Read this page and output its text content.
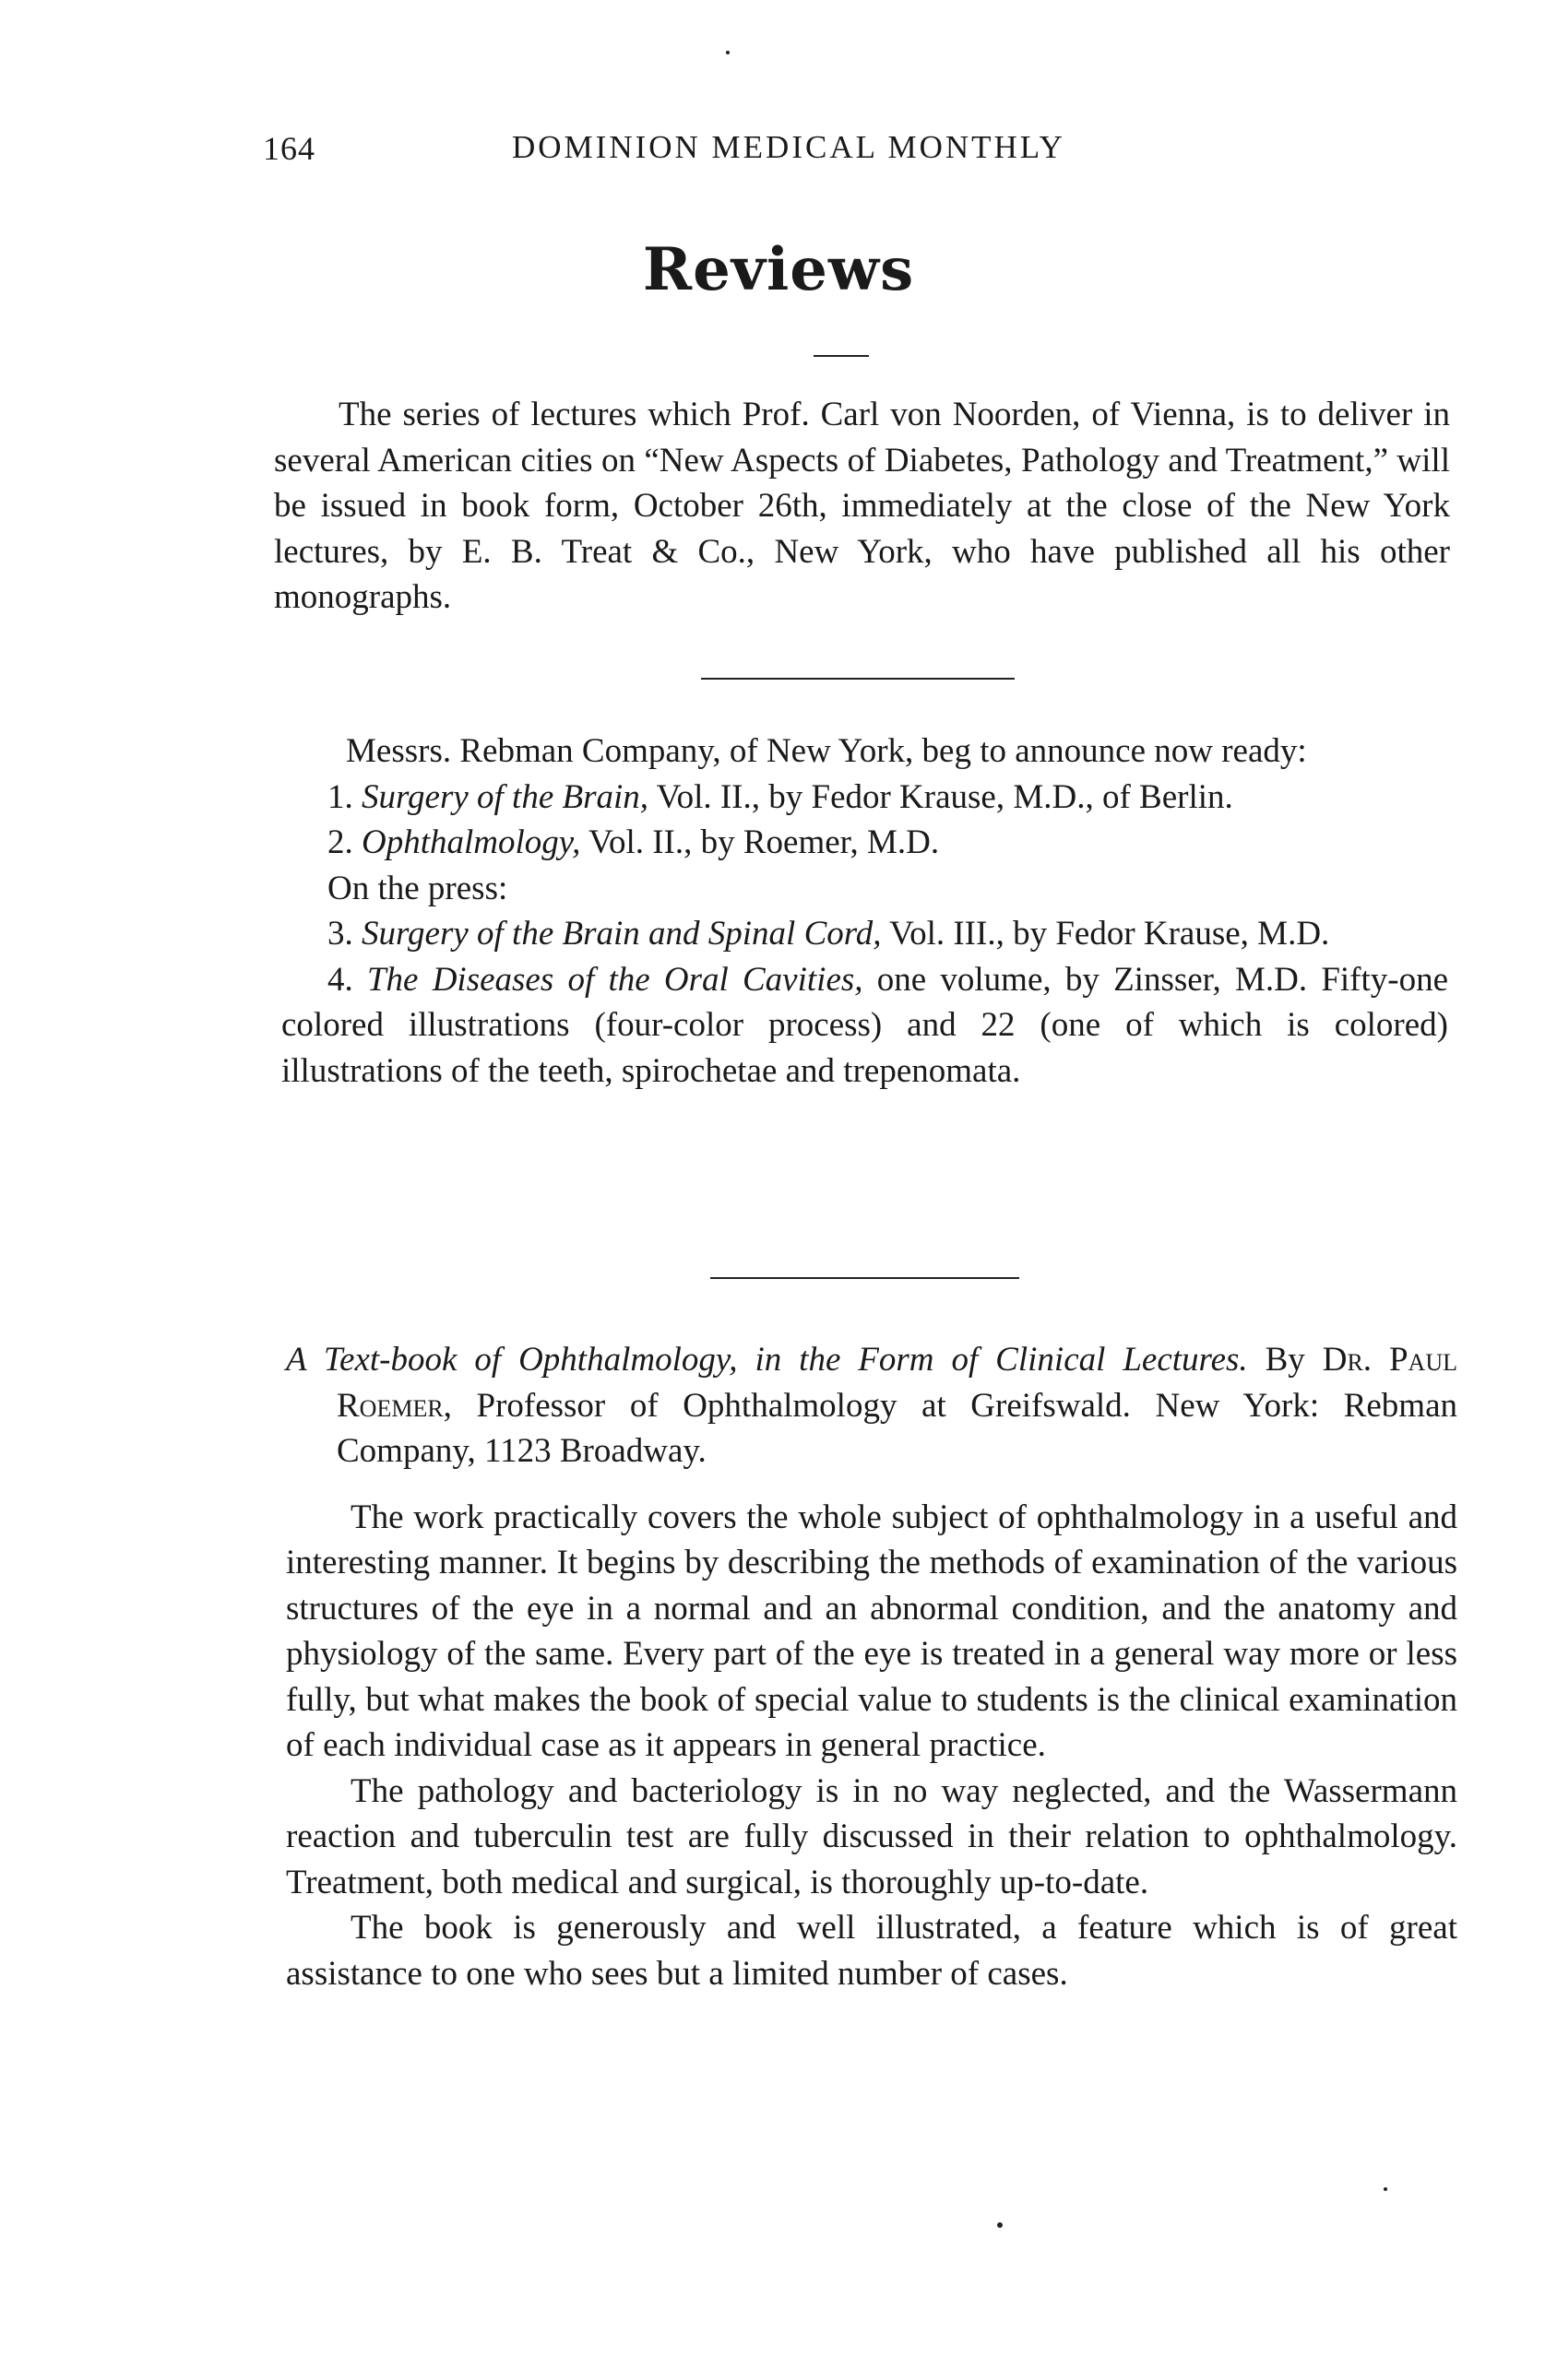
164	DOMINION MEDICAL MONTHLY
Reviews

The series of lectures which Prof. Carl von Noorden, of Vienna, is to deliver in several American cities on “New Aspects of Diabetes, Pathology and Treatment,” will be issued in book form, October 26th, immediately at the close of the New York lectures, by E. B. Treat & Co., New York, who have published all his other monographs.

Messrs. Rebman Company, of New York, beg to announce now ready:

1. Surgery of the Brain, Vol. II., by Fedor Krause, M.D., of Berlin.

2. Ophthalmology, Vol. II., by Roemer, M.D.

On the press:

3. Surgery of the Brain and Spinal Cord, Vol. III., by Fedor Krause, M.D.

4. The Diseases of the Oral Cavities, one volume, by Zinsser, M.D. Fifty-one colored illustrations (four-color process) and 22 (one of which is colored) illustrations of the teeth, spirochetae and trepenomata.

A Text-book of Ophthalmology, in the Form of Clinical Lectures. By Dr. Paul Roemer, Professor of Ophthalmology at Greifswald. New York: Rebman Company, 1123 Broadway.

The work practically covers the whole subject of ophthalmology in a useful and interesting manner. It begins by describing the methods of examination of the various structures of the eye in a normal and an abnormal condition, and the anatomy and physiology of the same. Every part of the eye is treated in a general way more or less fully, but what makes the book of special value to students is the clinical examination of each individual case as it appears in general practice.

The pathology and bacteriology is in no way neglected, and the Wassermann reaction and tuberculin test are fully discussed in their relation to ophthalmology. Treatment, both medical and surgical, is thoroughly up-to-date.

The book is generously and well illustrated, a feature which is of great assistance to one who sees but a limited number of cases.
